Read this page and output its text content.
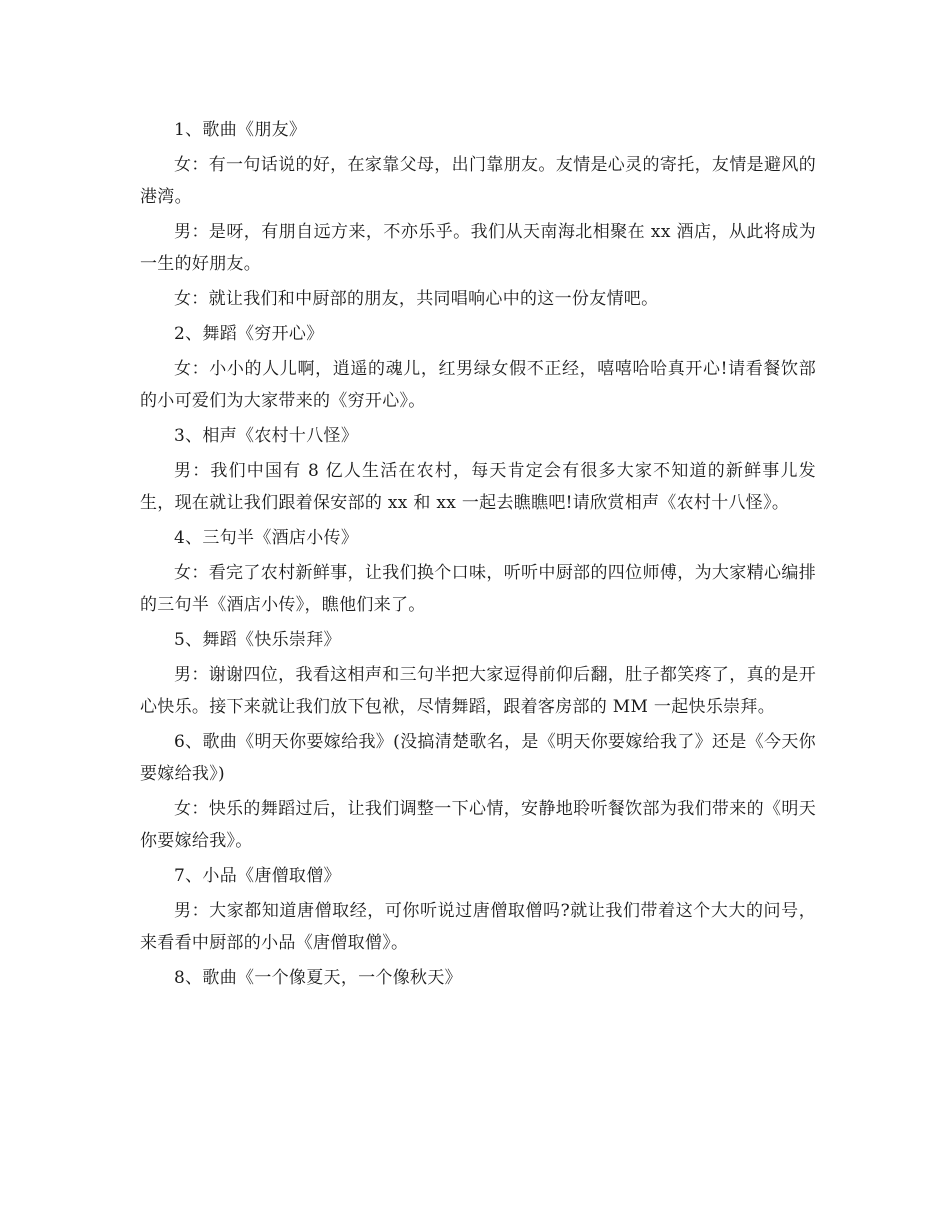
1、歌曲《朋友》

女：有一句话说的好，在家靠父母，出门靠朋友。友情是心灵的寄托，友情是避风的港湾。

男：是呀，有朋自远方来，不亦乐乎。我们从天南海北相聚在 xx 酒店，从此将成为一生的好朋友。

女：就让我们和中厨部的朋友，共同唱响心中的这一份友情吧。

2、舞蹈《穷开心》

女：小小的人儿啊，逍遥的魂儿，红男绿女假不正经，嘻嘻哈哈真开心!请看餐饮部的小可爱们为大家带来的《穷开心》。

3、相声《农村十八怪》

男：我们中国有 8 亿人生活在农村，每天肯定会有很多大家不知道的新鲜事儿发生，现在就让我们跟着保安部的 xx 和 xx 一起去瞧瞧吧!请欣赏相声《农村十八怪》。

4、三句半《酒店小传》

女：看完了农村新鲜事，让我们换个口味，听听中厨部的四位师傅，为大家精心编排的三句半《酒店小传》，瞧他们来了。

5、舞蹈《快乐崇拜》

男：谢谢四位，我看这相声和三句半把大家逗得前仰后翻，肚子都笑疼了，真的是开心快乐。接下来就让我们放下包袱，尽情舞蹈，跟着客房部的 MM 一起快乐崇拜。

6、歌曲《明天你要嫁给我》(没搞清楚歌名，是《明天你要嫁给我了》还是《今天你要嫁给我》)

女：快乐的舞蹈过后，让我们调整一下心情，安静地聆听餐饮部为我们带来的《明天你要嫁给我》。

7、小品《唐僧取僧》

男：大家都知道唐僧取经，可你听说过唐僧取僧吗?就让我们带着这个大大的问号，来看看中厨部的小品《唐僧取僧》。

8、歌曲《一个像夏天，一个像秋天》
